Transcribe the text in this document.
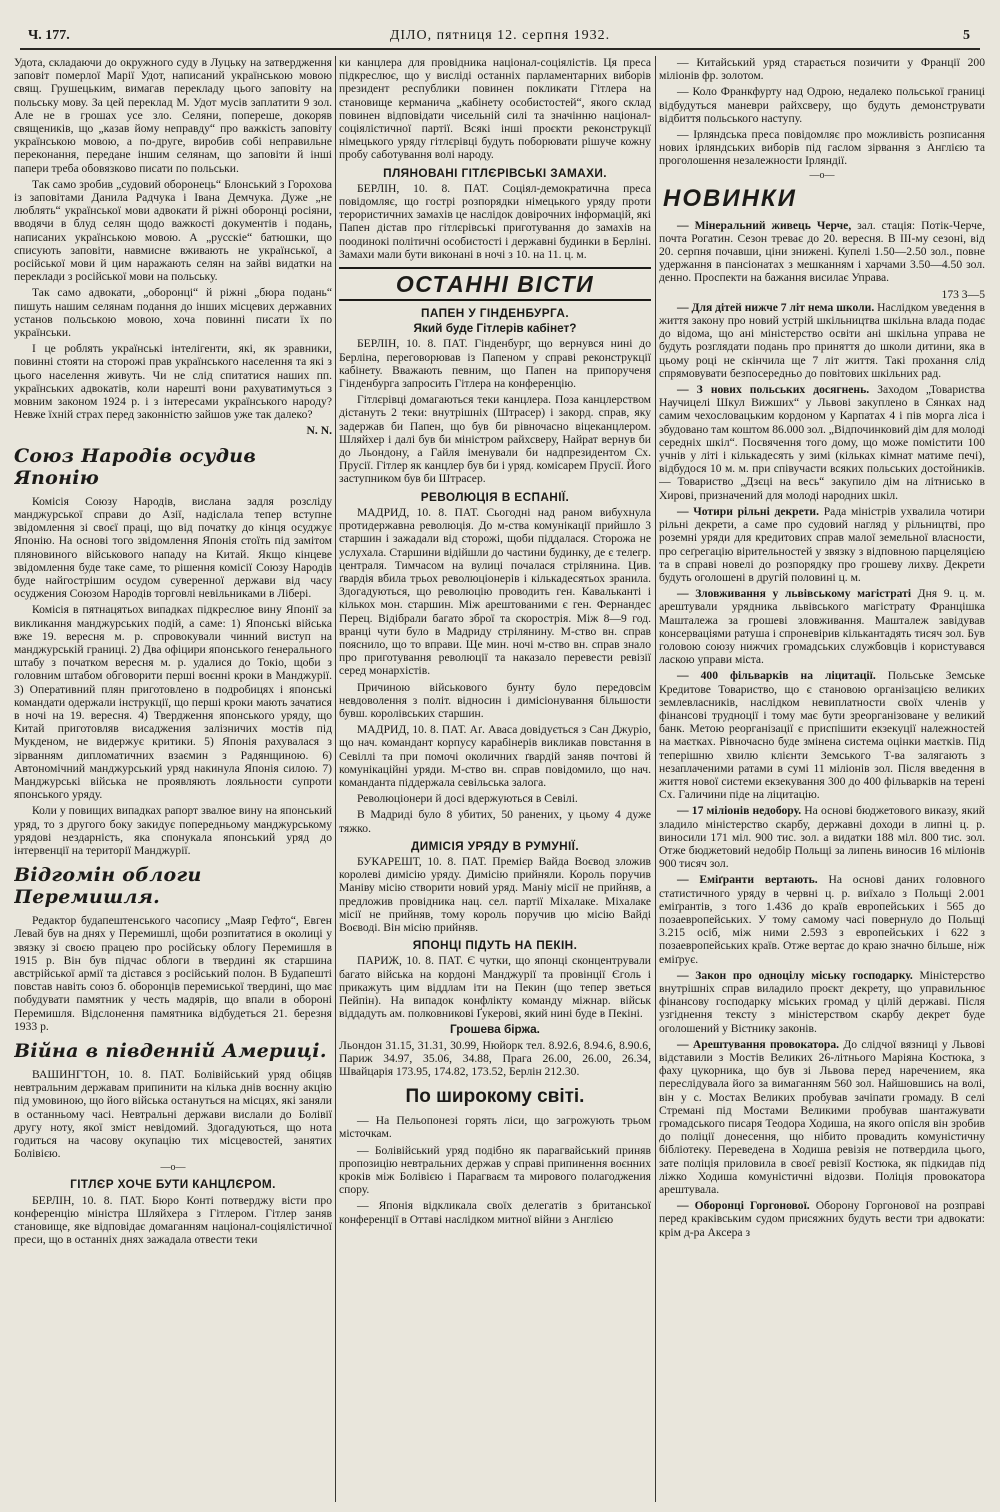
Ч. 177.	ДІЛО, пятниця 12. серпня 1932.	5

Удота, складаючи до окружного суду в Луцьку на затвердження заповіт померлої Марії Удот, написаний українською мовою свящ. Грушецьким, вимагав перекладу цього заповіту на польську мову. За цей переклад М. Удот мусів заплатити 9 зол. Але не в грошах усе зло. Селяни, попереше, докоряв священиків, що „казав йому неправду“ про важкість заповіту українською мовою, а по-друге, виробив собі неправильне переконання, передане іншим селянам, що заповіти й інші папери треба обовязково писати по польськи.

Так само зробив „судовий оборонець“ Блонський з Горохова із заповітами Данила Радчука і Івана Демчука. Дуже „не люблять“ української мови адвокати й ріжні оборонці росіяни, вводячи в блуд селян щодо важкості документів і подань, написаних українською мовою. А „русскіе“ батюшки, що списують заповіти, навмисне вживають не української, а російської мови й цим наражають селян на зайві видатки на переклади з російської мови на польську.

Так само адвокати, „оборонці“ й ріжні „бюра подань“ пишуть нашим селянам подання до інших місцевих державних установ польською мовою, хоча повинні писати їх по українськи.

І це роблять українські інтелігенти, які, як зравники, повинні стояти на сторожі прав українського населення та які з цього населення живуть. Чи не слід спитатися наших пп. українських адвокатів, коли нарешті вони рахуватимуться з мовним законом 1924 р. і з інтересами українського народу? Невже їхній страх перед законністю зайшов уже так далеко?

N. N.
Союз Народів осудив Японію

Комісія Союзу Народів, вислана задля розсліду манджурської справи до Азії, надіслала тепер вступне звідомлення зі своєї праці, що від початку до кінця осуджує Японію. На основі того звідомлення Японія стоїть під замітом пляновиного військового нападу на Китай. Якщо кінцеве звідомлення буде таке саме, то рішення комісії Союзу Народів буде найгострішим осудом суверенної держави від часу осуджения Союзом Народів торговлі невільниками в Лібері.

Комісія в пятнацятьох випадках підкреслюе вину Японії за викликання манджурських подій, а саме: 1) Японські війська вже 19. вересня м. р. спровокували чинний виступ на манджурській границі. 2) Два офіцири японського ґенерального штабу з початком вересня м. р. удалися до Токіо, щоби з головним штабом обговорити перші воєнні кроки в Манджурії. 3) Оперативний плян приготовлено в подробицях і японські командати одержали інструкції, що перші кроки мають зачатися в ночі на 19. вересня. 4) Твердження японського уряду, що Китай приготовляв висаджения залізничих мостів під Мукденом, не видержує критики. 5) Японія рахувалася з зірванням дипломатичних взаємин з Радянщиною. 6) Автономічний манджурський уряд накинула Японія силою. 7) Манджурські війська не проявляють лояльности супроти японського уряду.

Коли у повищих випадках рапорт звалюе вину на японський уряд, то з другого боку закидує попередньому манджурському урядові нездарність, яка спонукала японський уряд до інтервенції на території Манджурії.

Відгомін облоги Перемишля.

Редактор будапештенського часопису „Маяр Гефто“, Евген Левай був на днях у Перемишлі, щоби розпитатися в околиці у звязку зі своєю працею про російську облогу Перемишля в 1915 р. Він був підчас облоги в твердині як старшина австрійської армії та дістався з російський полон. В Будапешті повстав навіть союз б. оборонців перемиської твердині, що має побудувати памятник у честь мадярів, що впали в обороні Перемишля. Відслонення памятника відбудеться 21. березня 1933 р.

Війна в південній Америці.

ВАШИНГТОН, 10. 8. ПАТ. Болівійський уряд обіцяв невтральним державам припинити на кілька днів воєнну акцію під умовиною, що його війська остануться на місцях, які заняли в останньому часі. Невтральні держави вислали до Болівії другу ноту, якої зміст невідомий. Здогадуються, що нота годиться на часову окупацію тих місцевостей, занятих Болівією.

—o—
ГІТЛЄР ХОЧЕ БУТИ КАНЦЛЄРОМ.

БЕРЛІН, 10. 8. ПАТ. Бюро Конті потверджу вісти про конференцію міністра Шляйхера з Гітлером. Гітлер заняв становище, яке відповідає домаганням націонал-соціялістичної преси, що в останніх днях зажадала отвести теки

ки канцлера для провідника націонал-соціялістів. Ця преса підкреслює, що у висліді останніх парламентарних виборів президент республики повинен покликати Гітлера на становище керманича „кабінету особистостей“, якого склад повинен відповідати чисельній силі та значінню націонал-соціялістичної партії. Всякі інші проєкти реконструкції німецького уряду гітлєрівці будуть поборювати рішуче кожну пробу саботування волі народу.

ПЛЯНОВАНІ ГІТЛЄРІВСЬКІ ЗАМАХИ.

БЕРЛІН, 10. 8. ПАТ. Соціял-демократична преса повідомляє, що гострі розпорядки німецького уряду проти терористичних замахів це наслідок довірочних інформацій, які Папен дістав про гітлєрівські приготування до замахів на поодинокі політичні особистості і державні будинки в Берліні. Замахи мали бути виконані в ночі з 10. на 11. ц. м.

ОСТАННІ ВІСТИ
ПАПЕН У ГІНДЕНБУРГА.
Який буде Гітлерів кабінет?

БЕРЛІН, 10. 8. ПАТ. Гінденбург, що вернувся нині до Берліна, переговорював із Папеном у справі реконструкції кабінету. Вважають певним, що Папен на припорученя Гінденбурга запросить Гітлера на конференцію.

Гітлєрівці домагаються теки канцлера. Поза канцлерством дістануть 2 теки: внутрішніх (Штрасер) і закорд. справ, яку задержав би Папен, що був би рівночасно віцеканцлером. Шляйхер і далі був би міністром райхсверу, Найрат вернув би до Льондону, а Гайля іменували би надпрезидентом Сх. Прусії. Гітлер як канцлер був би і уряд. комісарем Прусії. Його заступником був би Штрасер.

РЕВОЛЮЦІЯ В ЕСПАНІЇ.

МАДРИД, 10. 8. ПАТ. Сьогодні над раном вибухнула протидержавна революція. До м-ства комунікації прийшло 3 старшин і зажадали від сторожі, щоби піддалася. Сторожа не услухала. Старшини відійшли до частини будинку, де є телегр. централя. Тимчасом на вулиці почалася стрілянина. Цив. ґвардія вбила трьох революціонерів і кількадесятьох зранила. Здогадуються, що революцію проводить ген. Кавальканті і кількох мон. старшин. Між арештованими є ген. Фернандес Перец. Відібрали багато зброї та скорострія. Між 8—9 год. вранці чути було в Мадриду стрілянину. М-ство вн. справ пояснило, що то вправи. Ще мин. ночі м-ство вн. справ знало про приготування революції та наказало перевести ревізії серед монархістів.

Причиною військового бунту було передовсім невдоволення з політ. відносин і димісіонування більшости бувш. королівських старшин.

МАДРИД, 10. 8. ПАТ. Аґ. Аваса довідується з Сан Джуріо, що нач. командант корпусу карабінерів викликав повстання в Севіллі та при помочі околичних ґвардій заняв почтові й комунікаційні уряди. М-ство вн. справ повідомило, що нач. командантa піддержала севільська залога.

Революціонери й досі вдержуються в Севілі.

В Мадриді було 8 убитих, 50 ранених, у цьому 4 дуже тяжко.

ДИМІСІЯ УРЯДУ В РУМУНІЇ.

БУКАРЕШТ, 10. 8. ПАТ. Премієр Вайда Воєвод зложив королеві димісію уряду. Димісію прийняли. Король поручив Маніву місію створити новий уряд. Маніу місії не прийняв, а предложив провідника нац. сел. партії Міхалаке. Міхалаке місії не прийняв, тому король поручив цю місію Вайді Воєводі. Він місію прийняв.

ЯПОНЦІ ПІДУТЬ НА ПЕКІН.

ПАРИЖ, 10. 8. ПАТ. Є чутки, що японці сконцентрували багато війська на кордоні Манджурії та провінції Єголь і прикажуть цим віддлам іти на Пекин (що тепер зветься Пейпін). На випадок конфлікту команду міжнар. військ віддадуть ам. полковникові Ґукерові, який нині буде в Пекіні.

Грошева біржа.

Льондон 31.15, 31.31, 30.99, Нюйорк тел. 8.92.6, 8.94.6, 8.90.6, Париж 34.97, 35.06, 34.88, Прага 26.00, 26.00, 26.34, Швайцарія 173.95, 174.82, 173.52, Берлін 212.30.

По широкому світі.

— На Пельопонезі горять ліси, що загрожують трьом місточкам.

— Болівійський уряд подібно як парагвайський приняв пропозицію невтральних держав у справі припинення воєнних кроків між Болівією і Парагваєм та мирового полагоджения спору.

— Японія відкликала своїх делегатів з британської конференції в Оттаві наслідком митної війни з Англією

— Китайський уряд старається позичити у Франції 200 міліонів фр. золотом.

— Коло Франкфурту над Одрою, недалеко польської границі відбудуться маневри райхсверу, що будуть демонструвати відбиття польського наступу.

— Ірляндська преса повідомляє про можливість розписання нових ірляндських виборів під гаслом зірвання з Англією та проголошення незалежности Ірляндії.

—o—
НОВИНКИ

— Мінеральний живець Черче, зал. стація: Потік-Черче, почта Рогатин. Сезон треває до 20. вересня. В ІІІ-му сезоні, від 20. серпня почавши, ціни знижені. Купелі 1.50—2.50 зол., повне удержання в пансіонатах з мешканням і харчами 3.50—4.50 зол. денно. Проспекти на бажання висилає Управа.

173 3—5

— Для дітей нижче 7 літ нема школи. Наслідком уведення в життя закону про новий устрій шкільництва шкільна влада подає до відома, що ані міністерство освіти ані шкільна управа не будуть розглядати подань про приняття до школи дитини, яка в цьому році не скінчила ще 7 літ життя. Такі прохання слід спрямовувати безпосередньо до повітових шкільних рад.

— З нових польських досягнень. Заходом „Товариства Научицелі Шкул Вижших“ у Львові закуплено в Сянках над самим чехословацьким кордоном у Карпатах 4 і пів морга ліса і збудовано там коштом 86.000 зол. „Відпочинковий дім для молоді середніх шкіл“. Посвячення того дому, що може помістити 100 учнів у літі і кількадесять у зимі (кільках кімнат матиме печі), відбудося 10 м. м. при співучасти всяких польських достойників. — Товариство „Дзєці на весь“ закупило дім на літнисько в Хирові, призначений для молоді народних шкіл.

— Чотири рільні декрети. Рада міністрів ухвалила чотири рільні декрети, а саме про судовий нагляд у рільництві, про роземні уряди для кредитових справ малої земельної власности, про сеґрегацію вірительностей у звязку з відповною парцеляцією та в справі новелі до розпорядку про грошеву лихву. Декрети будуть оголошені в другій половині ц. м.

— Зловживання у львівському магістраті Дня 9. ц. м. арештували урядника львівського магістрату Францішка Машталежа за грошеві зловживання. Машталеж завідував консерваціями ратуша і спроневірив кількантадять тисяч зол. Був головою союзу нижчих громадських службовців і користувався ласкою управи міста.

— 400 фільварків на ліцитації. Польське Земське Кредитове Товариство, що є становою організацією великих землевласників, наслідком невиплатности своїх членів у фінансові трудноції і тому має бути зреорганізоване у великий банк. Метою реорганізації є приспішити екзекуції належностей на маєтках. Рівночасно буде змінена система оцінки маєтків. Під теперішню хвилю клієнти Земського Т-ва залягають з незаплаченими ратами в сумі 11 міліонів зол. Після введення в життя нової системи екзекування 300 до 400 фільварків на терені Сх. Галичини піде на ліцитацію.

— 17 міліонів недобору. На основі бюджетового виказу, який зладило міністерство скарбу, державні доходи в липні ц. р. виносили 171 міл. 900 тис. зол. а видатки 188 міл. 800 тис. зол. Отже бюджетовий недобір Польщі за липень виносив 16 міліонів 900 тисяч зол.

— Еміґранти вертають. На основі даних головного статистичного уряду в червні ц. р. виїхало з Польщі 2.001 еміґрантів, з того 1.436 до країв европейських і 565 до позаевропейських. У тому самому часі повернуло до Польщі 3.215 осіб, між ними 2.593 з европейських і 622 з позаевропейських країв. Отже вертає до краю значно більше, ніж еміґрує.

— Закон про одноцілу міську господарку. Міністерство внутрішніх справ виладило проєкт декрету, що управильнює фінансову господарку міських громад у цілій державі. Після узгіднення тексту з міністерством скарбу декрет буде оголошений у Вістнику законів.

— Арештування провокатора. До слідчої вязниці у Львові відставили з Мостів Великих 26-літнього Маріяна Костюка, з фаху цукорника, що був зі Львова перед наречением, яка переслідувала його за вимаганням 560 зол. Найшовшись на волі, він у с. Мостах Великих пробував зачіпати громаду. В селі Стремані під Мостами Великими пробував шантажувати громадського писаря Теодора Ходиша, на якого опісля він зробив до поліції донесення, що нібито провадить комуністичну бібліотеку. Переведена в Ходиша ревізія не потвердила цього, зате поліція приловила в своєї ревізії Костюка, як підкидав під ліжко Ходиша комуністичні відозви. Поліція провокатора арештувала.

— Оборонці Горгонової. Оборону Горгонової на розправі перед краківським судом присяжних будуть вести три адвокати: крім д-ра Аксера з
